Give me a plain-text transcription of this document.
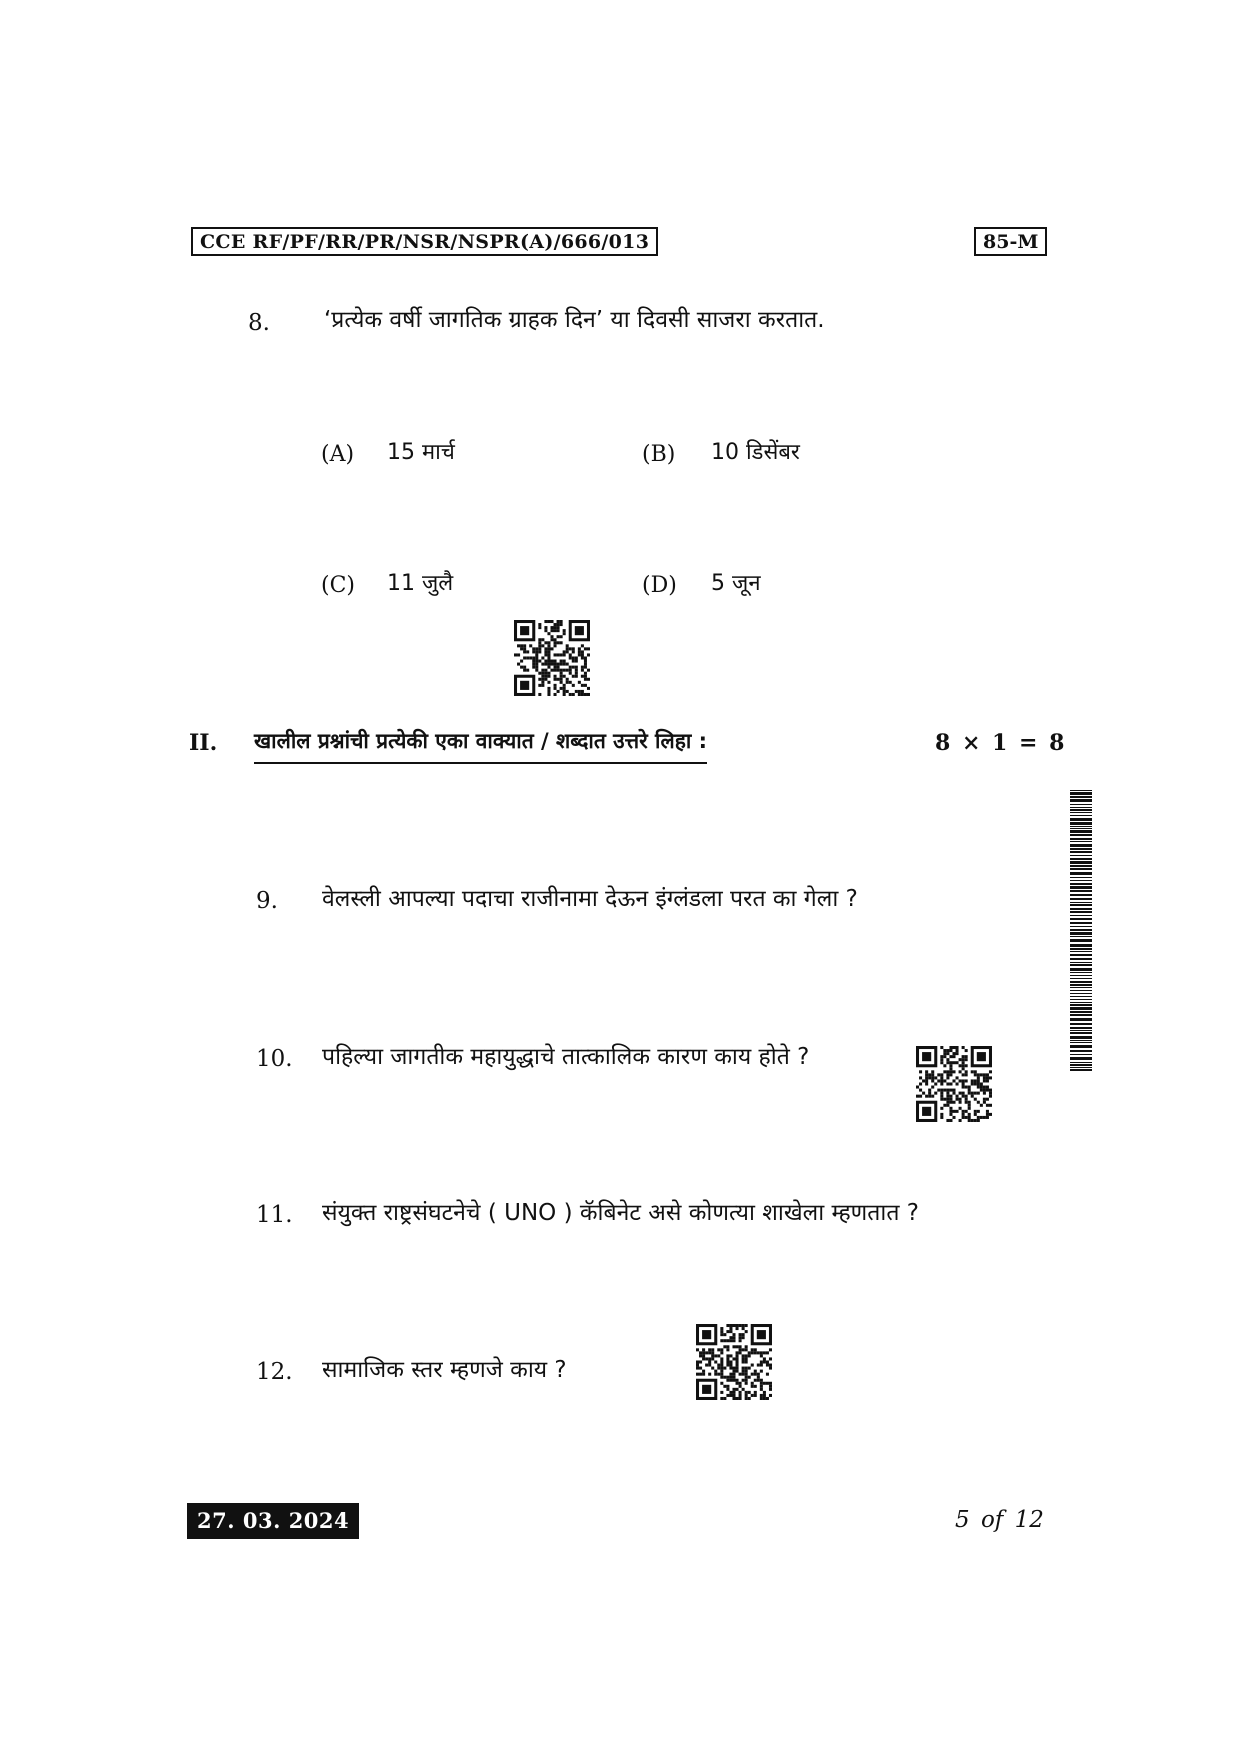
CCE RF/PF/RR/PR/NSR/NSPR(A)/666/013	85-M
8. ‘प्रत्येक वर्षी जागतिक ग्राहक दिन’ या दिवसी साजरा करतात.
(A) 15 मार्च	(B) 10 डिसेंबर
(C) 11 जुलै	(D) 5 जून
II. खालील प्रश्नांची प्रत्येकी एका वाक्यात / शब्दात उत्तरे लिहा :	8 × 1 = 8
9. वेलस्ली आपल्या पदाचा राजीनामा देऊन इंग्लंडला परत का गेला ?
10. पहिल्या जागतीक महायुद्धाचे तात्कालिक कारण काय होते ?
11. संयुक्त राष्ट्रसंघटनेचे ( UNO ) कॅबिनेट असे कोणत्या शाखेला म्हणतात ?
12. सामाजिक स्तर म्हणजे काय ?
27. 03. 2024	5 of 12
